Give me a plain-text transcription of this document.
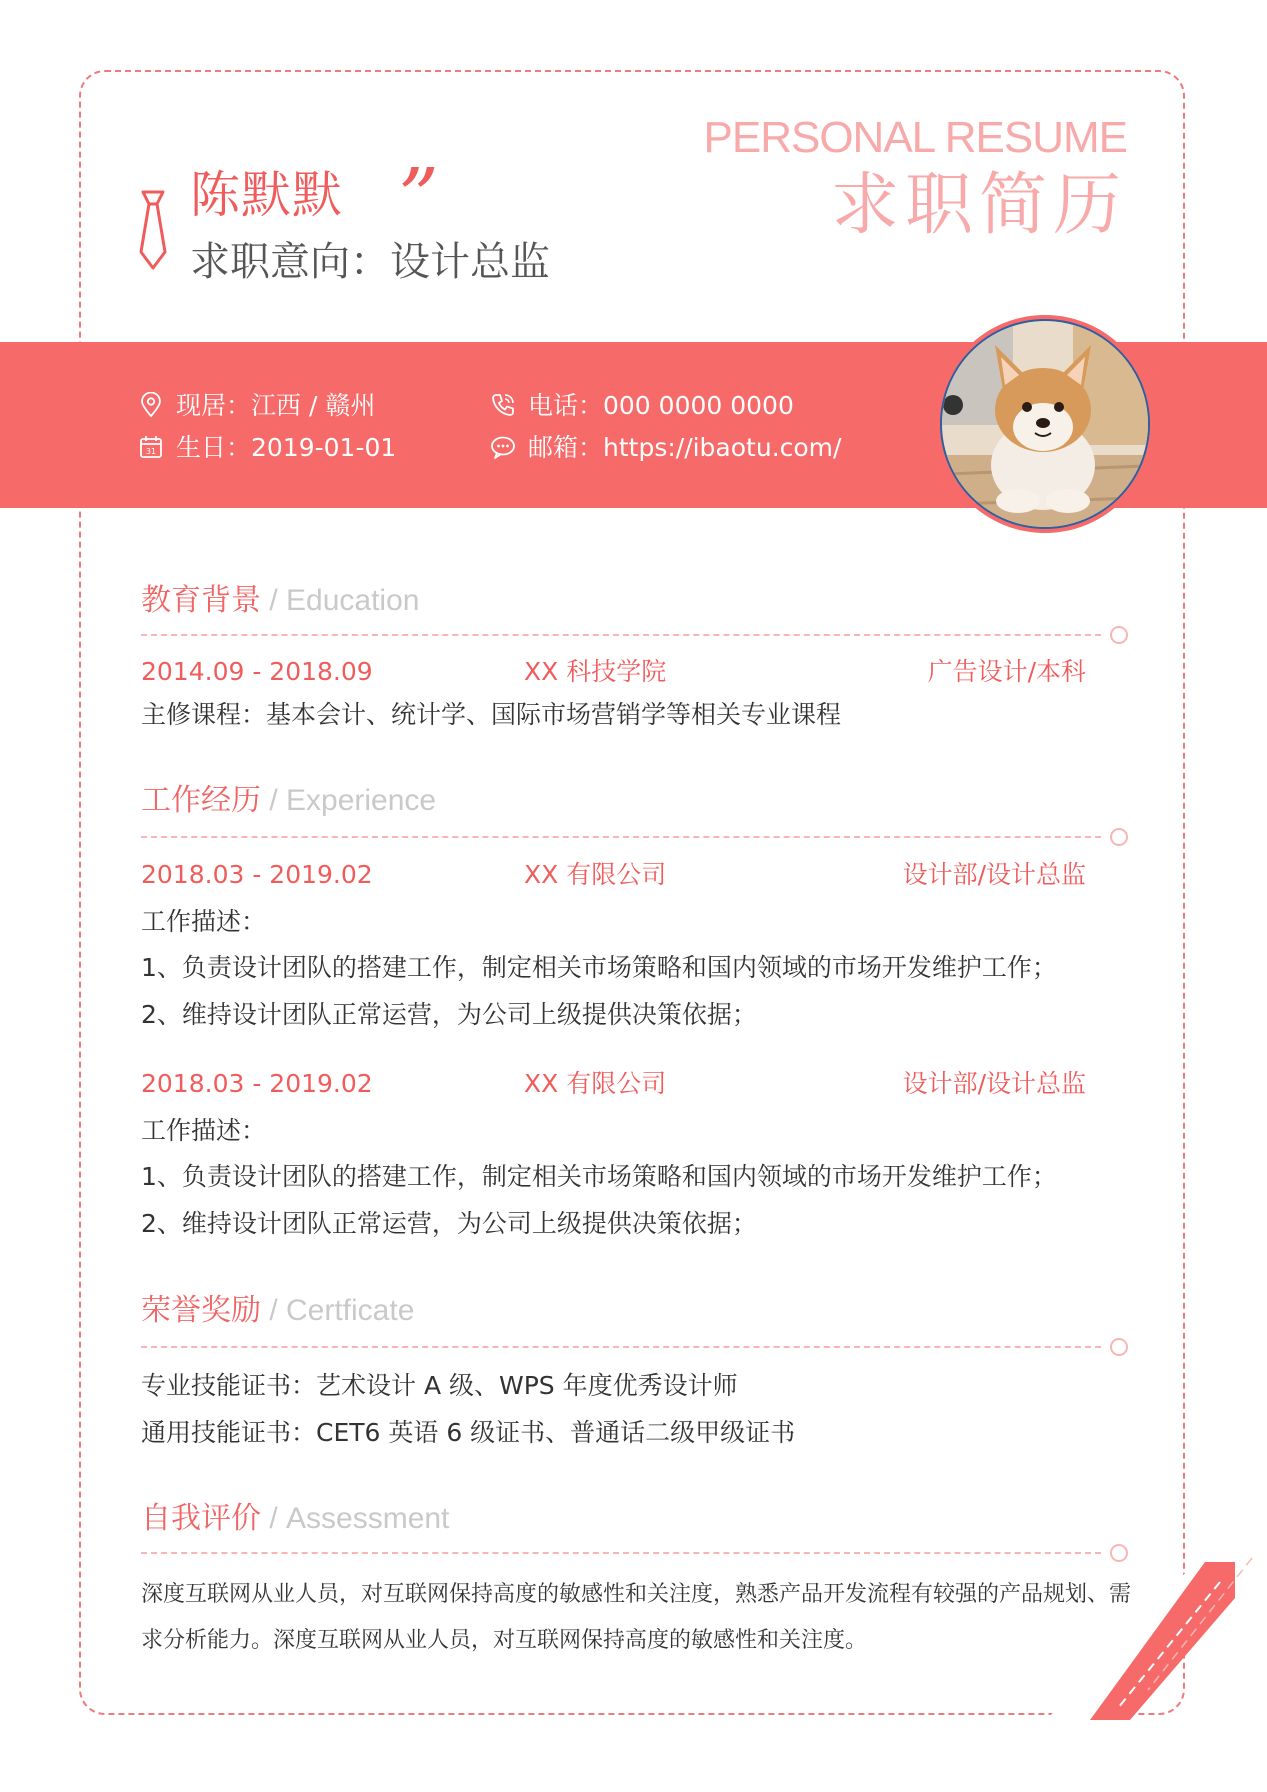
陈默默 ”
求职意向：设计总监
PERSONAL RESUME
求职简历
现居：江西 / 赣州
31 生日：2019-01-01
电话：000 0000 0000
邮箱：https://ibaotu.com/
教育背景 / Education
2014.09 - 2018.09	XX 科技学院	广告设计/本科
主修课程：基本会计、统计学、国际市场营销学等相关专业课程
工作经历 / Experience
2018.03 - 2019.02	XX 有限公司	设计部/设计总监
工作描述：
1、负责设计团队的搭建工作，制定相关市场策略和国内领域的市场开发维护工作；
2、维持设计团队正常运营，为公司上级提供决策依据；
2018.03 - 2019.02	XX 有限公司	设计部/设计总监
工作描述：
1、负责设计团队的搭建工作，制定相关市场策略和国内领域的市场开发维护工作；
2、维持设计团队正常运营，为公司上级提供决策依据；
荣誉奖励 / Certficate
专业技能证书：艺术设计 A 级、WPS 年度优秀设计师
通用技能证书：CET6 英语 6 级证书、普通话二级甲级证书
自我评价 / Assessment
深度互联网从业人员，对互联网保持高度的敏感性和关注度，熟悉产品开发流程有较强的产品规划、需求分析能力。深度互联网从业人员，对互联网保持高度的敏感性和关注度。
